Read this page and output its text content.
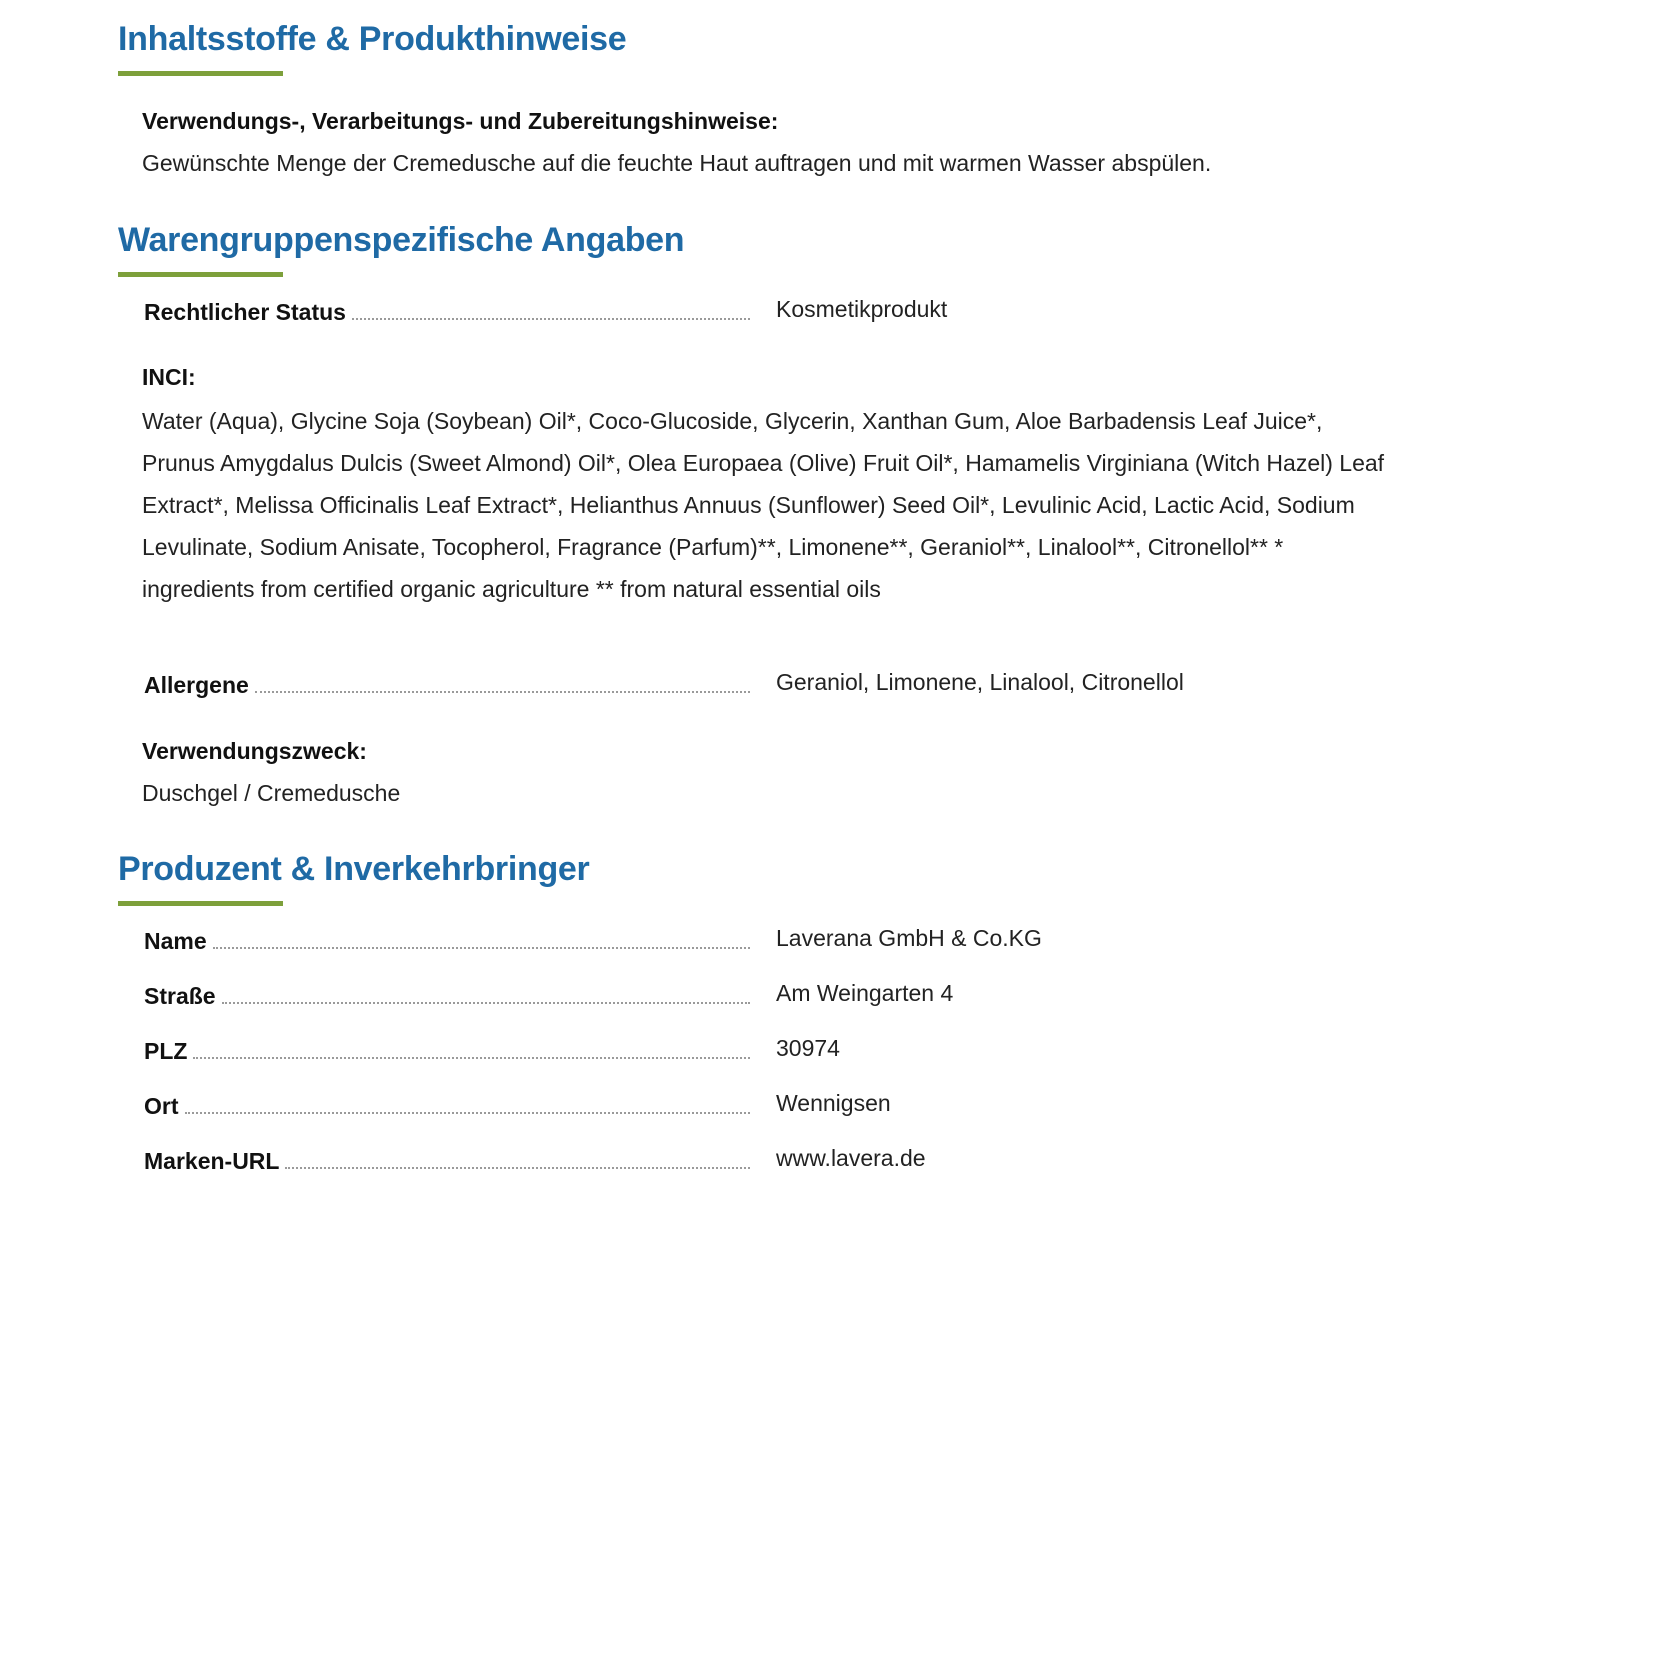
Inhaltsstoffe & Produkthinweise
Verwendungs-, Verarbeitungs- und Zubereitungshinweise:
Gewünschte Menge der Cremedusche auf die feuchte Haut auftragen und mit warmen Wasser abspülen.
Warengruppenspezifische Angaben
Rechtlicher Status	Kosmetikprodukt
INCI:
Water (Aqua), Glycine Soja (Soybean) Oil*, Coco-Glucoside, Glycerin, Xanthan Gum, Aloe Barbadensis Leaf Juice*, Prunus Amygdalus Dulcis (Sweet Almond) Oil*, Olea Europaea (Olive) Fruit Oil*, Hamamelis Virginiana (Witch Hazel) Leaf Extract*, Melissa Officinalis Leaf Extract*, Helianthus Annuus (Sunflower) Seed Oil*, Levulinic Acid, Lactic Acid, Sodium Levulinate, Sodium Anisate, Tocopherol, Fragrance (Parfum)**, Limonene**, Geraniol**, Linalool**, Citronellol** * ingredients from certified organic agriculture ** from natural essential oils
Allergene	Geraniol, Limonene, Linalool, Citronellol
Verwendungszweck:
Duschgel / Cremedusche
Produzent & Inverkehrbringer
Name	Laverana GmbH & Co.KG
Straße	Am Weingarten 4
PLZ	30974
Ort	Wennigsen
Marken-URL	www.lavera.de
